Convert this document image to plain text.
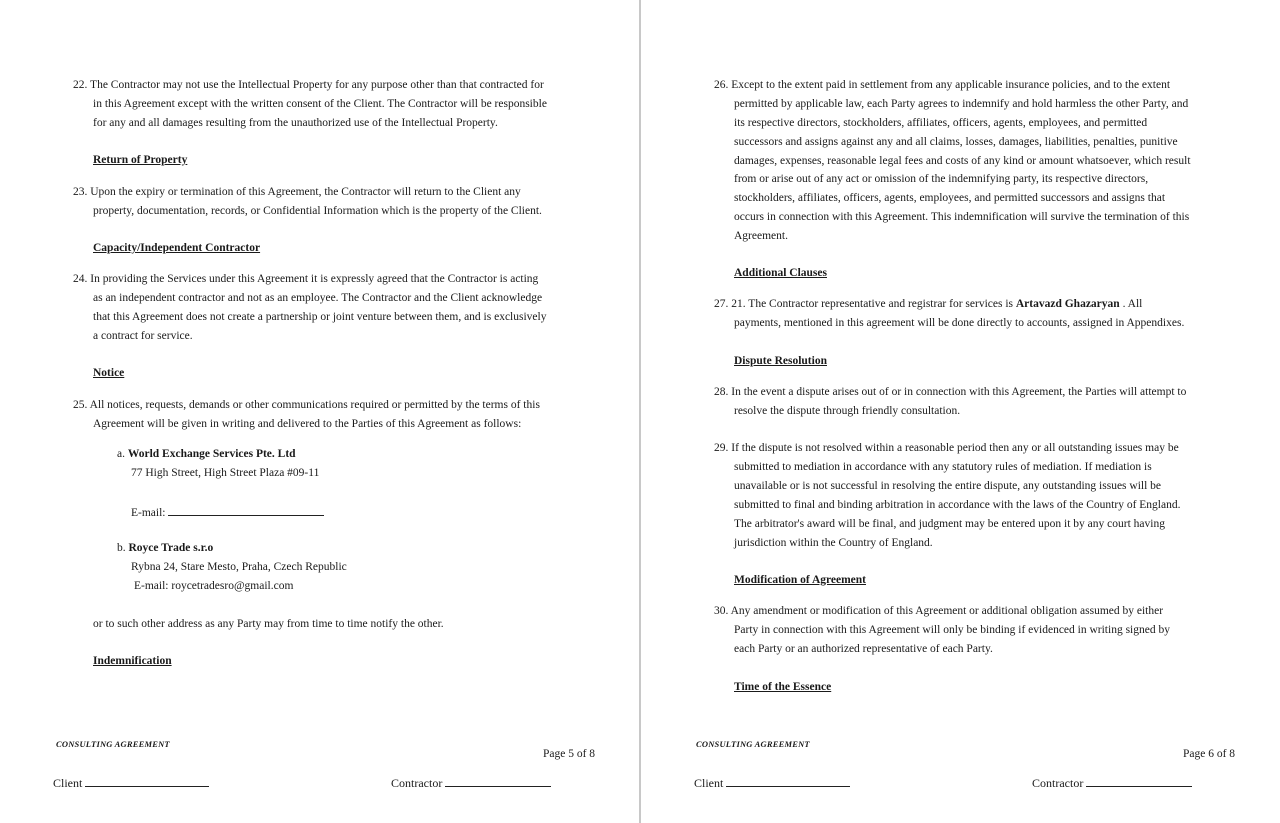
22. The Contractor may not use the Intellectual Property for any purpose other than that contracted for
in this Agreement except with the written consent of the Client. The Contractor will be responsible
for any and all damages resulting from the unauthorized use of the Intellectual Property.
Return of Property
23. Upon the expiry or termination of this Agreement, the Contractor will return to the Client any
property, documentation, records, or Confidential Information which is the property of the Client.
Capacity/Independent Contractor
24. In providing the Services under this Agreement it is expressly agreed that the Contractor is acting
as an independent contractor and not as an employee. The Contractor and the Client acknowledge
that this Agreement does not create a partnership or joint venture between them, and is exclusively
a contract for service.
Notice
25. All notices, requests, demands or other communications required or permitted by the terms of this
Agreement will be given in writing and delivered to the Parties of this Agreement as follows:
a. World Exchange Services Pte. Ltd
77 High Street, High Street Plaza #09-11
E-mail:
b. Royce Trade s.r.o
Rybna 24, Stare Mesto, Praha, Czech Republic
E-mail: roycetradesro@gmail.com
or to such other address as any Party may from time to time notify the other.
Indemnification
CONSULTING AGREEMENT
Page 5 of 8
Client	Contractor
26. Except to the extent paid in settlement from any applicable insurance policies, and to the extent
permitted by applicable law, each Party agrees to indemnify and hold harmless the other Party, and
its respective directors, stockholders, affiliates, officers, agents, employees, and permitted
successors and assigns against any and all claims, losses, damages, liabilities, penalties, punitive
damages, expenses, reasonable legal fees and costs of any kind or amount whatsoever, which result
from or arise out of any act or omission of the indemnifying party, its respective directors,
stockholders, affiliates, officers, agents, employees, and permitted successors and assigns that
occurs in connection with this Agreement. This indemnification will survive the termination of this
Agreement.
Additional Clauses
27. 21. The Contractor representative and registrar for services is Artavazd Ghazaryan . All
payments, mentioned in this agreement will be done directly to accounts, assigned in Appendixes.
Dispute Resolution
28. In the event a dispute arises out of or in connection with this Agreement, the Parties will attempt to
resolve the dispute through friendly consultation.
29. If the dispute is not resolved within a reasonable period then any or all outstanding issues may be
submitted to mediation in accordance with any statutory rules of mediation. If mediation is
unavailable or is not successful in resolving the entire dispute, any outstanding issues will be
submitted to final and binding arbitration in accordance with the laws of the Country of England.
The arbitrator's award will be final, and judgment may be entered upon it by any court having
jurisdiction within the Country of England.
Modification of Agreement
30. Any amendment or modification of this Agreement or additional obligation assumed by either
Party in connection with this Agreement will only be binding if evidenced in writing signed by
each Party or an authorized representative of each Party.
Time of the Essence
CONSULTING AGREEMENT
Page 6 of 8
Client	Contractor
